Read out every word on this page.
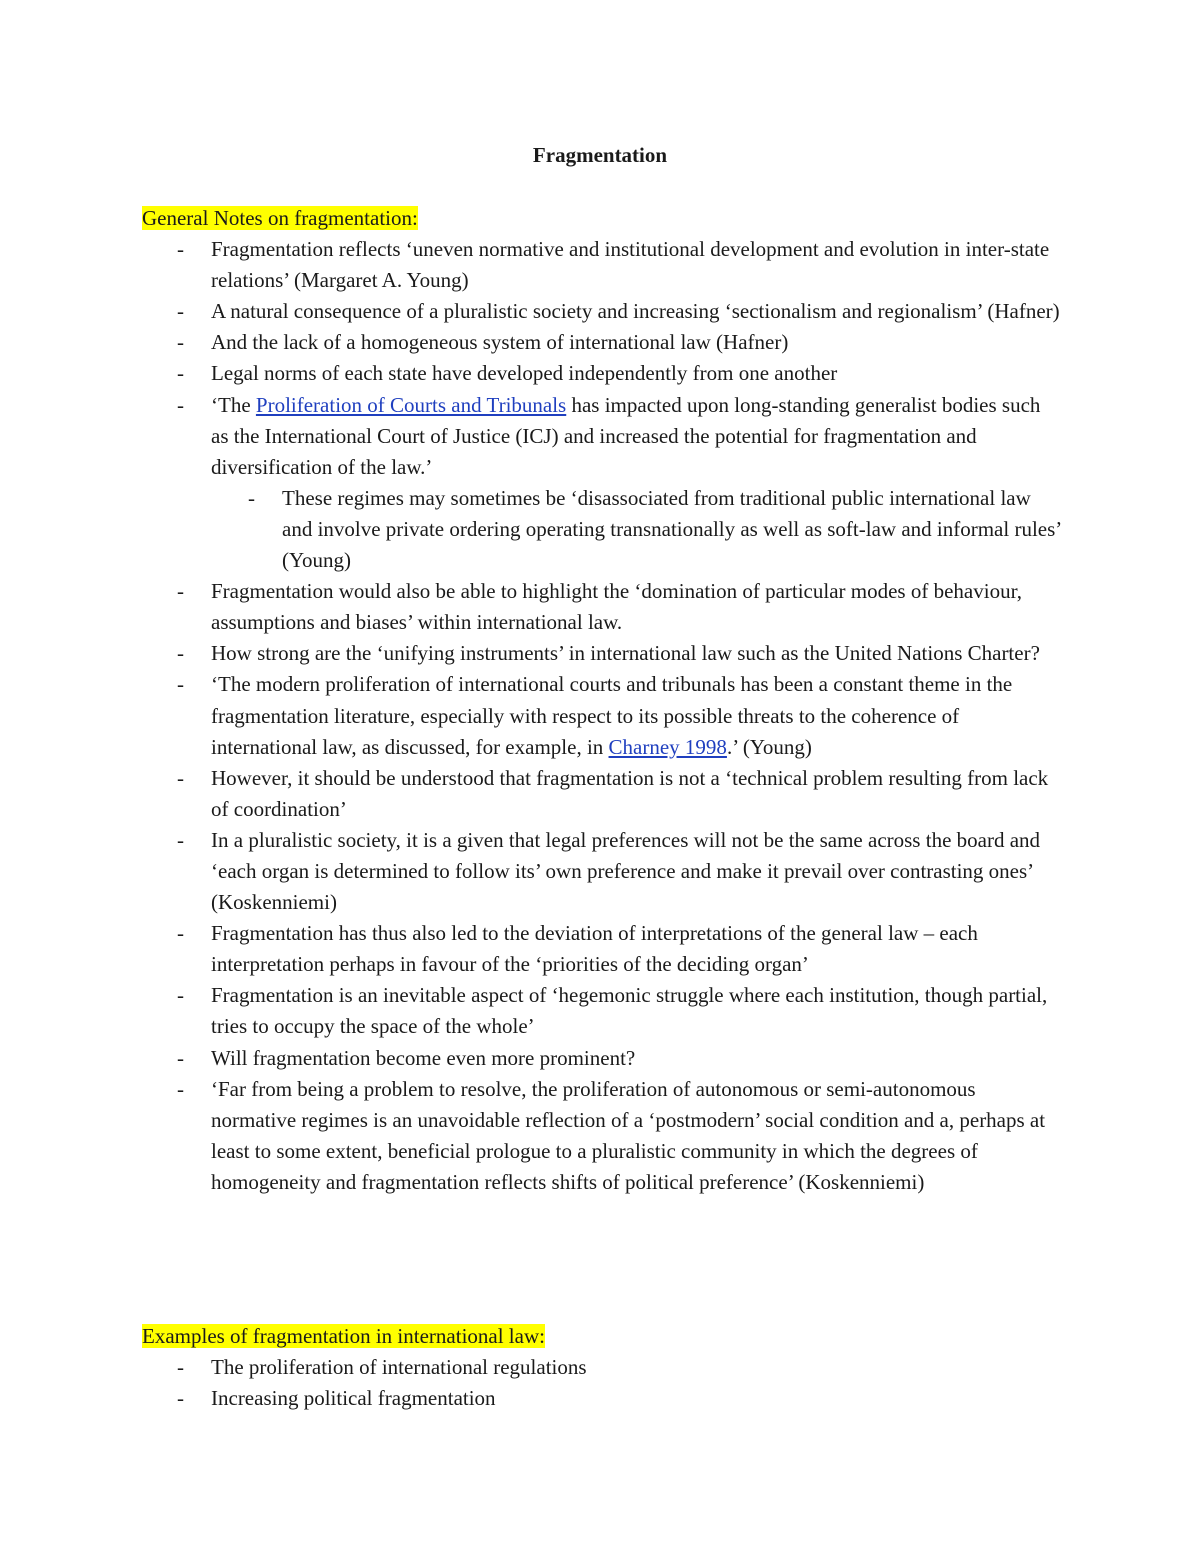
Fragmentation

General Notes on fragmentation:

- Fragmentation reflects ‘uneven normative and institutional development and evolution in inter-state relations’ (Margaret A. Young)
- A natural consequence of a pluralistic society and increasing ‘sectionalism and regionalism’ (Hafner)
- And the lack of a homogeneous system of international law (Hafner)
- Legal norms of each state have developed independently from one another
- ‘The Proliferation of Courts and Tribunals has impacted upon long-standing generalist bodies such as the International Court of Justice (ICJ) and increased the potential for fragmentation and diversification of the law.’
- These regimes may sometimes be ‘disassociated from traditional public international law and involve private ordering operating transnationally as well as soft-law and informal rules’ (Young)
- Fragmentation would also be able to highlight the ‘domination of particular modes of behaviour, assumptions and biases’ within international law.
- How strong are the ‘unifying instruments’ in international law such as the United Nations Charter?
- ‘The modern proliferation of international courts and tribunals has been a constant theme in the fragmentation literature, especially with respect to its possible threats to the coherence of international law, as discussed, for example, in Charney 1998.’ (Young)
- However, it should be understood that fragmentation is not a ‘technical problem resulting from lack of coordination’
- In a pluralistic society, it is a given that legal preferences will not be the same across the board and ‘each organ is determined to follow its’ own preference and make it prevail over contrasting ones’ (Koskenniemi)
- Fragmentation has thus also led to the deviation of interpretations of the general law – each interpretation perhaps in favour of the ‘priorities of the deciding organ’
- Fragmentation is an inevitable aspect of ‘hegemonic struggle where each institution, though partial, tries to occupy the space of the whole’
- Will fragmentation become even more prominent?
- ‘Far from being a problem to resolve, the proliferation of autonomous or semi-autonomous normative regimes is an unavoidable reflection of a ‘postmodern’ social condition and a, perhaps at least to some extent, beneficial prologue to a pluralistic community in which the degrees of homogeneity and fragmentation reflects shifts of political preference’ (Koskenniemi)

Examples of fragmentation in international law:

- The proliferation of international regulations
- Increasing political fragmentation
